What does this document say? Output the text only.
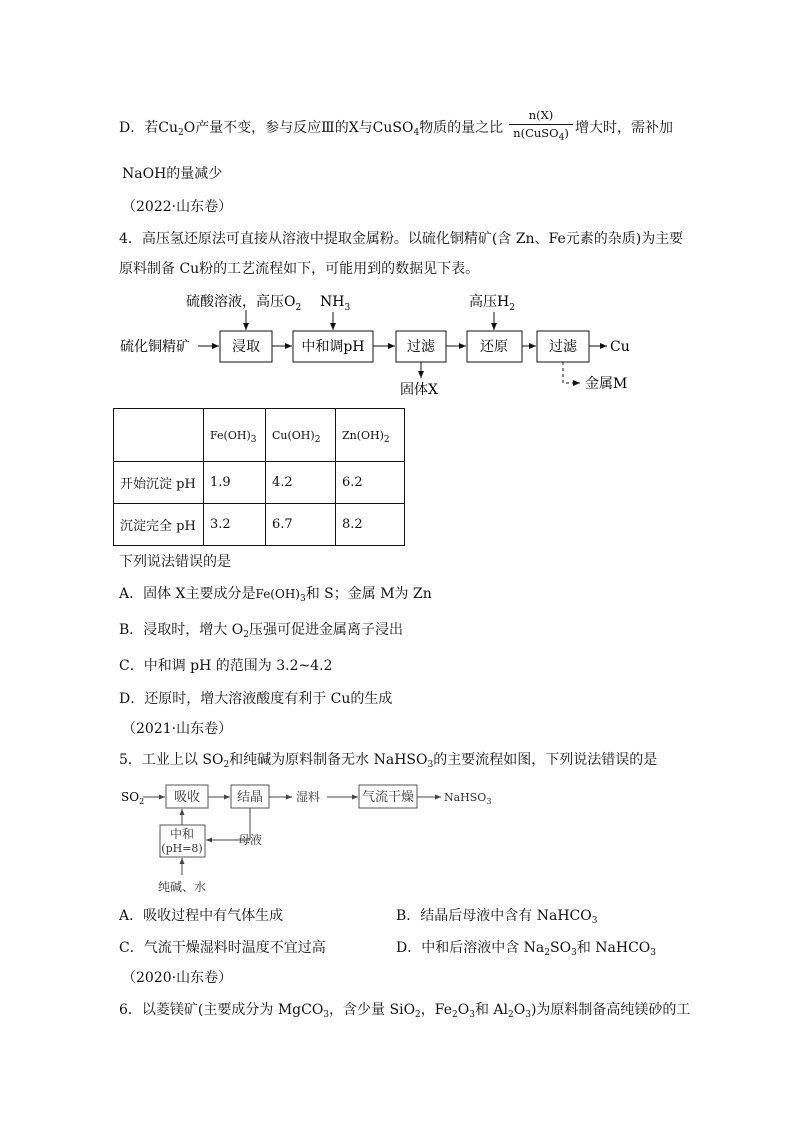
D．若$Cu_2O$产量不变，参与反应Ⅲ的X与CuSO$_4$物质的量之比
n(X)
n(CuSO$_4$) 增大时，需补加
NaOH的量减少
（2022·山东卷）
4．高压氢还原法可直接从溶液中提取金属粉。以硫化铜精矿(含 Zn、Fe元素的杂质)为主要
原料制备 Cu粉的工艺流程如下，可能用到的数据见下表。
硫化铜精矿	浸取	中和调pH	过滤	还原	过滤 Cu
硫酸溶液，高压$O_2$ $NH_3$	高压$H_2$
固体X	金属M
	$Fe(OH)_3$	$Cu(OH)_2$	$Zn(OH)_2$
开始沉淀 pH	1.9	4.2	6.2
沉淀完全 pH	3.2	6.7	8.2
下列说法错误的是
A．固体 X主要成分是$Fe(OH)_3$和 S；金属 M为 Zn
B．浸取时，增大 $O_2$压强可促进金属离子浸出
C．中和调 pH 的范围为 3.2~4.2
D．还原时，增大溶液酸度有利于 Cu的生成
（2021·山东卷）
5．工业上以 $SO_2$和纯碱为原料制备无水 NaHSO$_3$的主要流程如图，下列说法错误的是
$SO_2$ 吸收	结晶	湿料	气流干燥	NaHSO$_3$
中和
(pH=8)
母液
纯碱、水
A．吸收过程中有气体生成	B．结晶后母液中含有 NaHCO$_3$
C．气流干燥湿料时温度不宜过高	D．中和后溶液中含 $Na_2SO_3$和 NaHCO$_3$
（2020·山东卷）
6．以菱镁矿(主要成分为 MgCO$_3$，含少量 SiO$_2$，$Fe_2O_3$和 $Al_2O_3$)为原料制备高纯镁砂的工
